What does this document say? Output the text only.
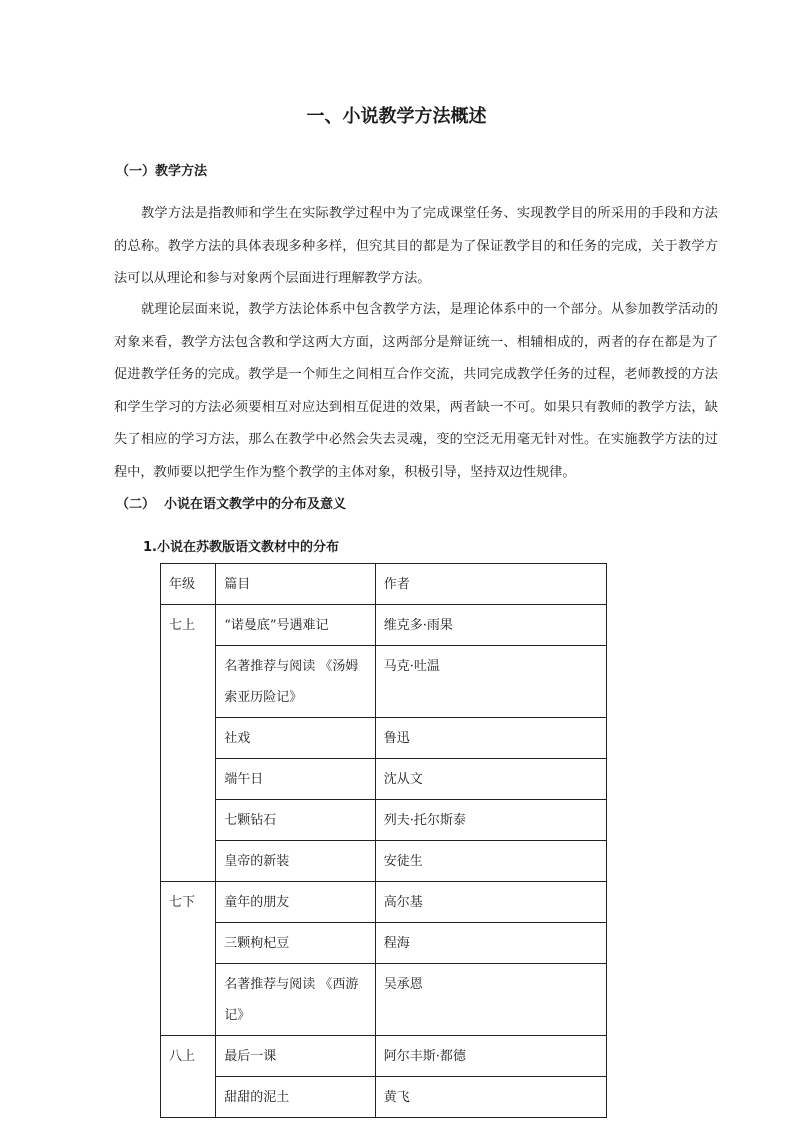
一、小说教学方法概述
（一）教学方法

教学方法是指教师和学生在实际教学过程中为了完成课堂任务、实现教学目的所采用的手段和方法的总称。教学方法的具体表现多种多样，但究其目的都是为了保证教学目的和任务的完成，关于教学方法可以从理论和参与对象两个层面进行理解教学方法。

就理论层面来说，教学方法论体系中包含教学方法，是理论体系中的一个部分。从参加教学活动的对象来看，教学方法包含教和学这两大方面，这两部分是辩证统一、相辅相成的，两者的存在都是为了促进教学任务的完成。教学是一个师生之间相互合作交流，共同完成教学任务的过程，老师教授的方法和学生学习的方法必须要相互对应达到相互促进的效果，两者缺一不可。如果只有教师的教学方法，缺失了相应的学习方法，那么在教学中必然会失去灵魂，变的空泛无用毫无针对性。在实施教学方法的过程中，教师要以把学生作为整个教学的主体对象，积极引导，坚持双边性规律。

（二）  小说在语文教学中的分布及意义
1.小说在苏教版语文教材中的分布
年级	篇目	作者
七上	“诺曼底”号遇难记	维克多·雨果
	名著推荐与阅读 《汤姆索亚历险记》	马克·吐温
	社戏	鲁迅
	端午日	沈从文
	七颗钻石	列夫·托尔斯泰
	皇帝的新装	安徒生
七下	童年的朋友	高尔基
	三颗枸杞豆	程海
	名著推荐与阅读 《西游记》	吴承恩
八上	最后一课	阿尔丰斯·都德
	甜甜的泥土	黄飞
